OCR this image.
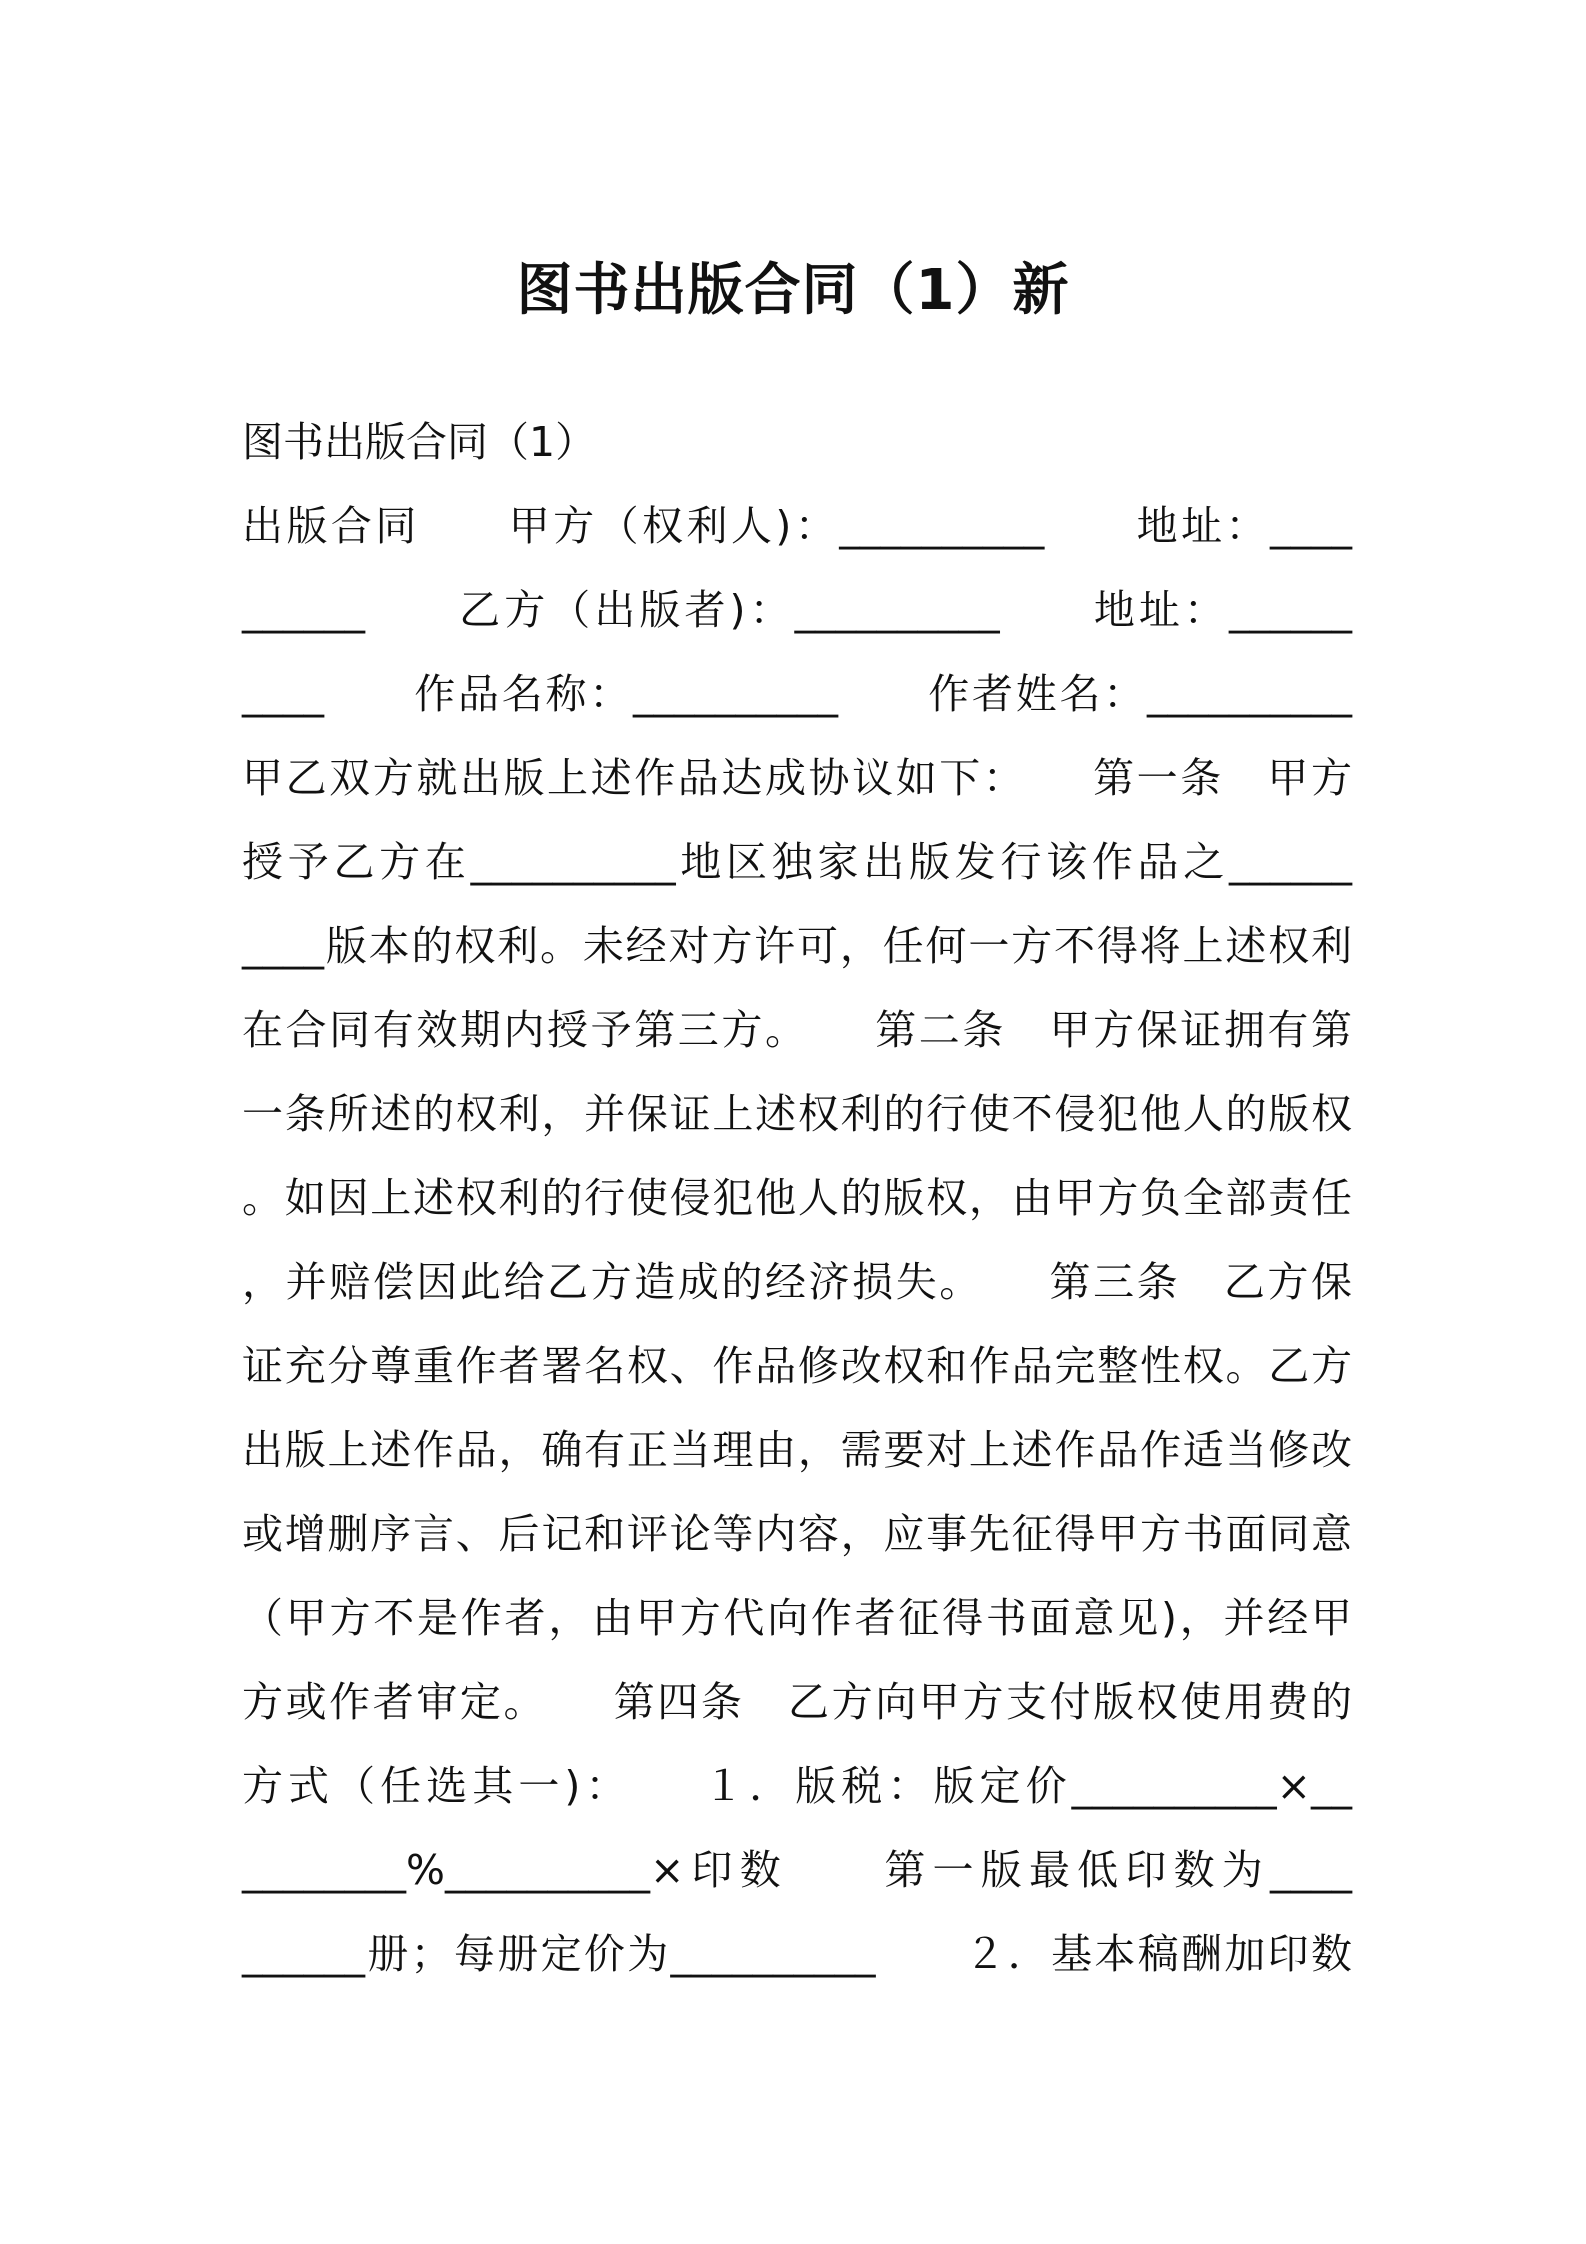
图书出版合同（1）新
图书出版合同（1）
出版合同　　甲方（权利人)：__________　　地址：____
______　　乙方（出版者)：__________　　地址：______
____　　作品名称：__________　　作者姓名：__________
甲乙双方就出版上述作品达成协议如下：　　第一条　甲方
授予乙方在__________地区独家出版发行该作品之______
____版本的权利。未经对方许可，任何一方不得将上述权利
在合同有效期内授予第三方。　　第二条　甲方保证拥有第
一条所述的权利，并保证上述权利的行使不侵犯他人的版权
。如因上述权利的行使侵犯他人的版权，由甲方负全部责任
，并赔偿因此给乙方造成的经济损失。　　第三条　乙方保
证充分尊重作者署名权、作品修改权和作品完整性权。乙方
出版上述作品，确有正当理由，需要对上述作品作适当修改
或增删序言、后记和评论等内容，应事先征得甲方书面同意
（甲方不是作者，由甲方代向作者征得书面意见)，并经甲
方或作者审定。　　第四条　乙方向甲方支付版权使用费的
方式（任选其一)：　　１．版税：版定价__________×__
________%__________×印数　　第一版最低印数为____
______册；每册定价为__________　　２．基本稿酬加印数
